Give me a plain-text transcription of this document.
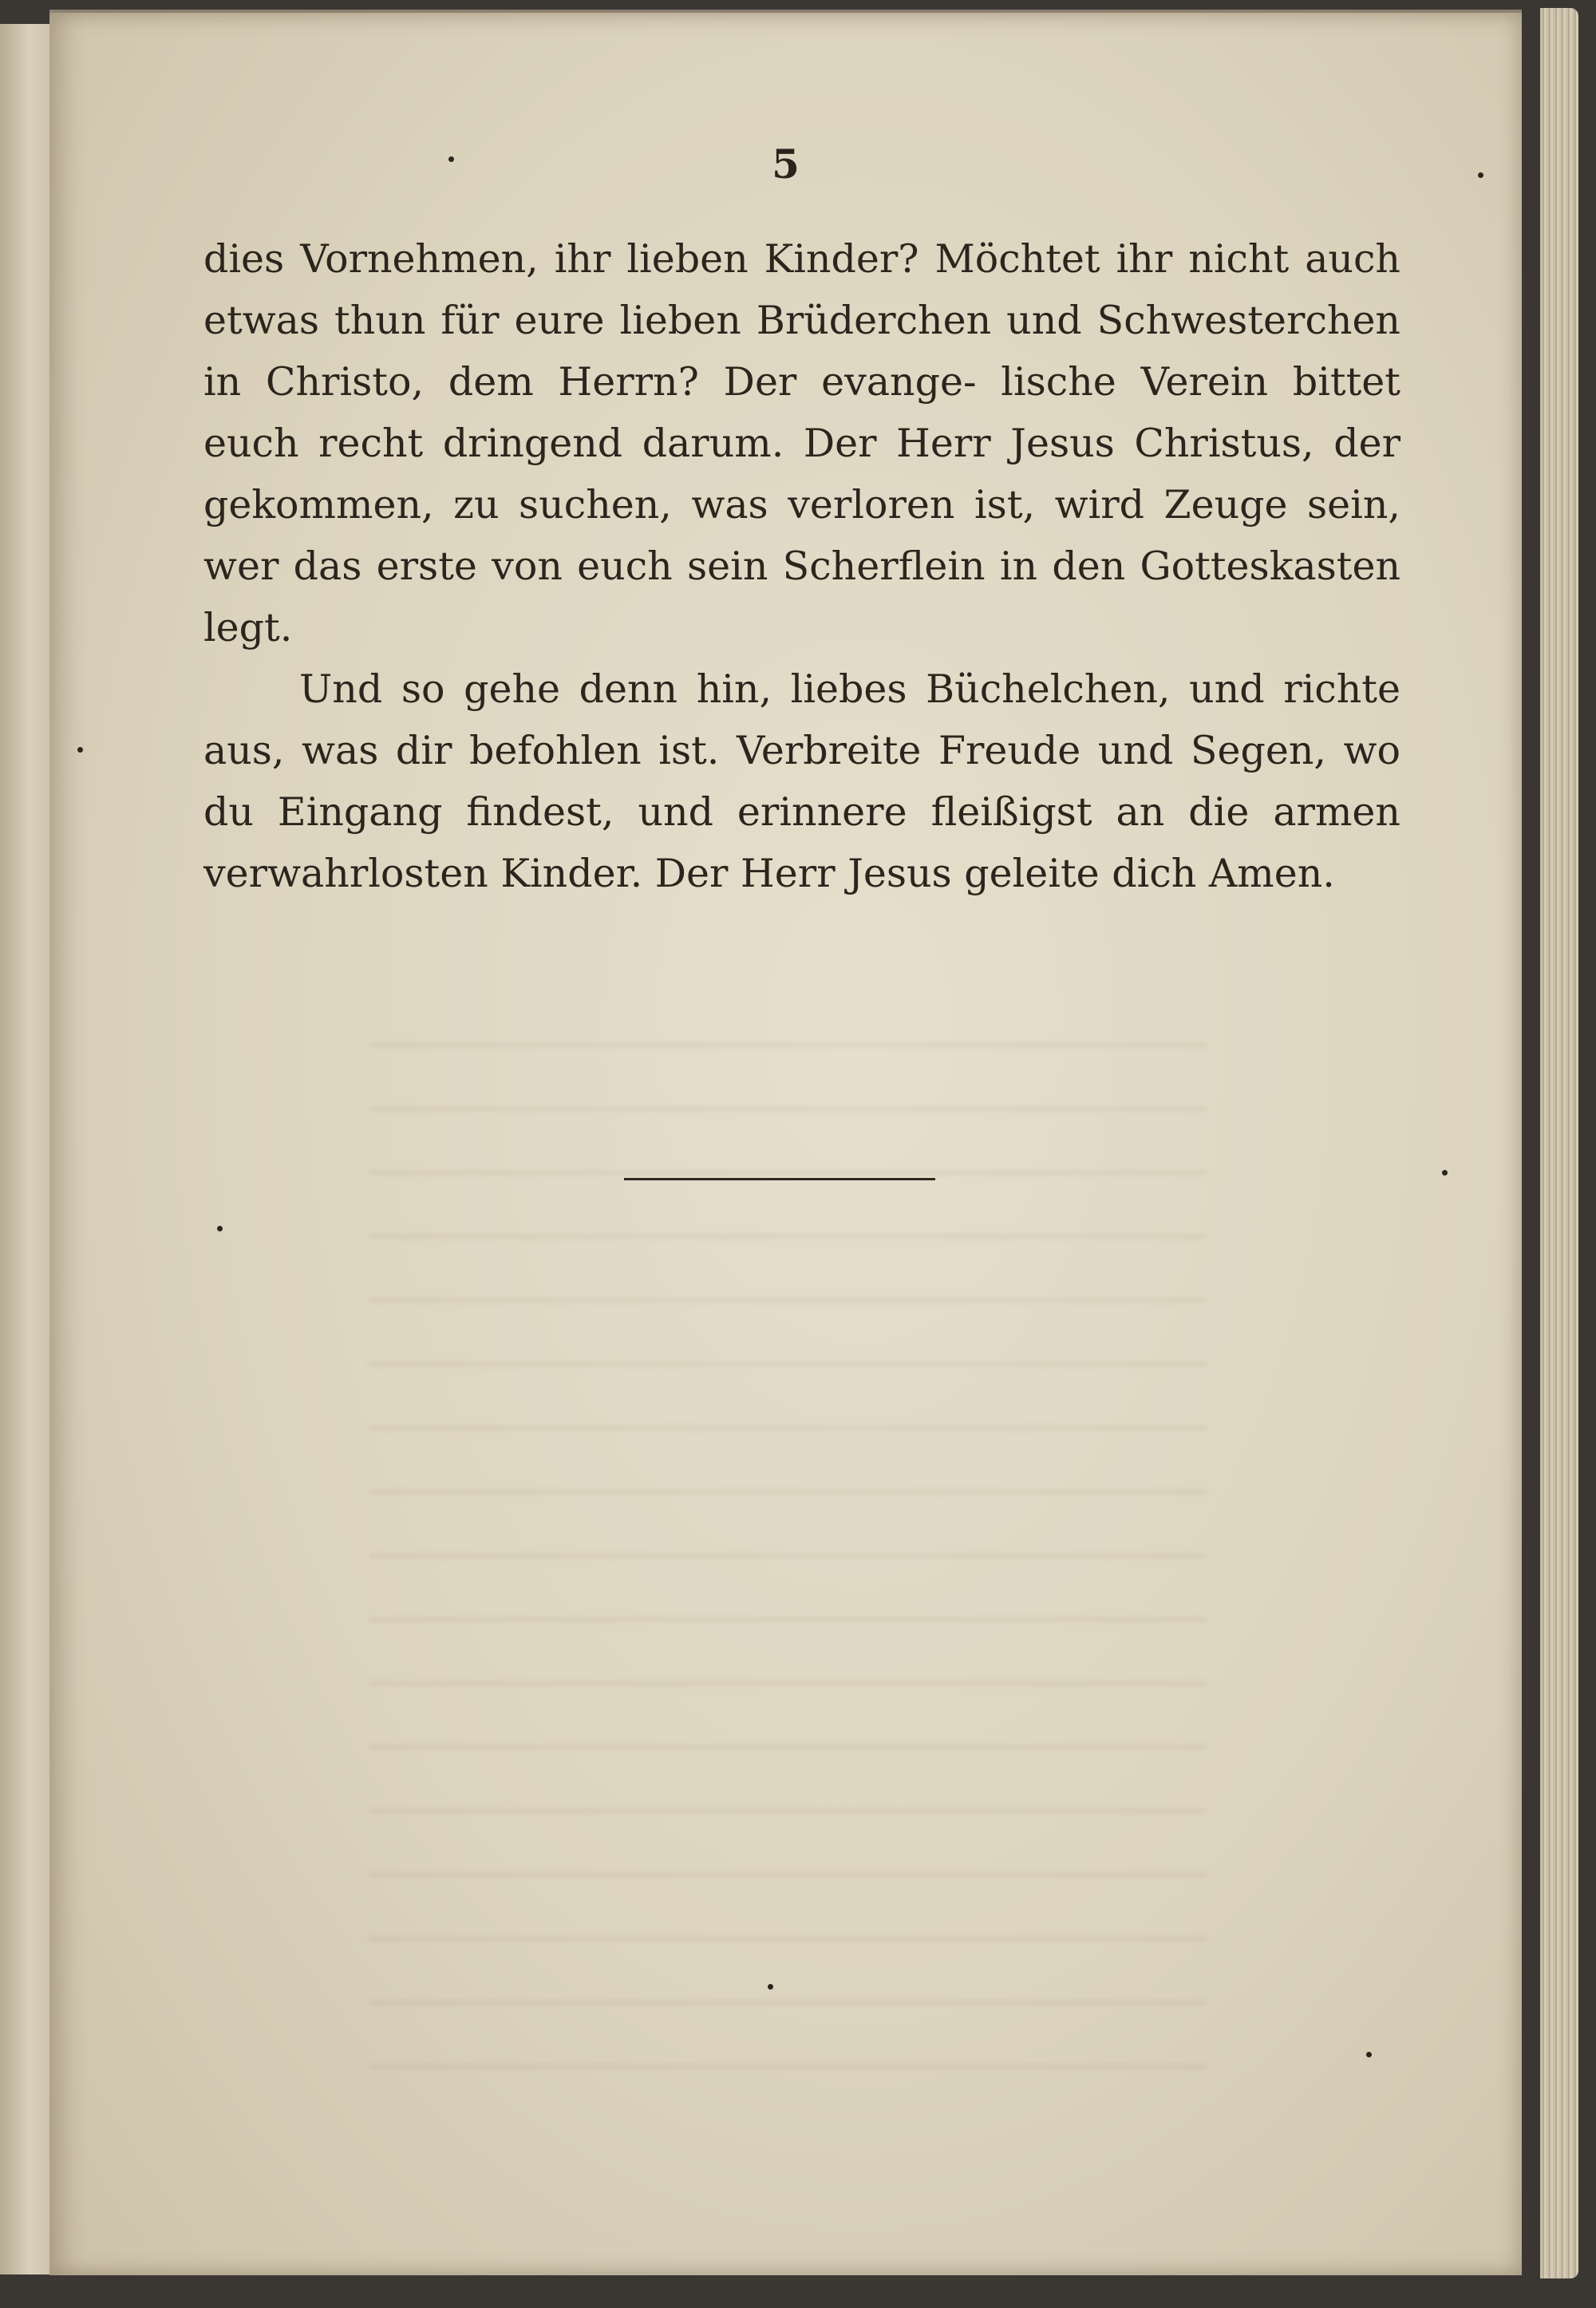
5

dies Vornehmen, ihr lieben Kinder? Möchtet ihr nicht auch etwas thun für eure lieben Brüderchen und Schwesterchen in Christo, dem Herrn? Der evange- lische Verein bittet euch recht dringend darum. Der Herr Jesus Christus, der gekommen, zu suchen, was verloren ist, wird Zeuge sein, wer das erste von euch sein Scherflein in den Gotteskasten legt.

Und so gehe denn hin, liebes Büchelchen, und richte aus, was dir befohlen ist. Verbreite Freude und Segen, wo du Eingang findest, und erinnere fleißigst an die armen verwahrlosten Kinder. Der Herr Jesus geleite dich Amen.
